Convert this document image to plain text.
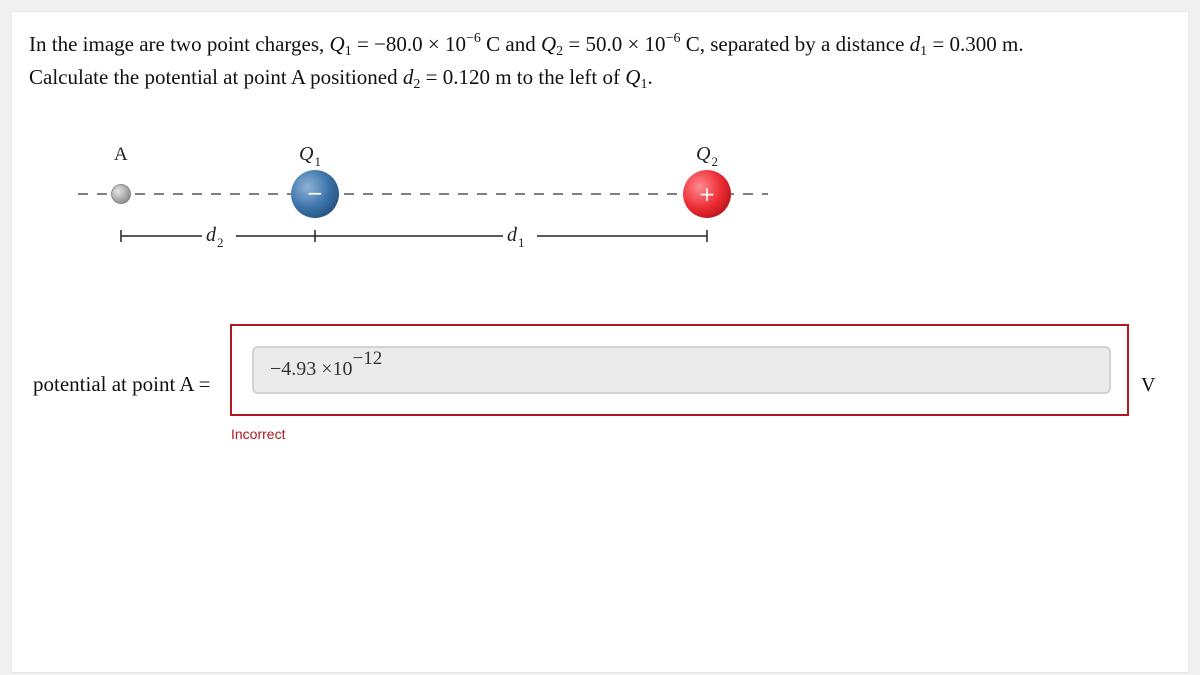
In the image are two point charges, $Q_1 = -80.0 \times 10^{-6}$ C and $Q_2 = 50.0 \times 10^{-6}$ C, separated by a distance $d_1 = 0.300$ m.

Calculate the potential at point A positioned $d_2 = 0.120$ m to the left of $Q_1$.

A	$Q_1$	$Q_2$
−	+
$d_2$	$d_1$
potential at point A =
−4.93 ×10−12
V
Incorrect
